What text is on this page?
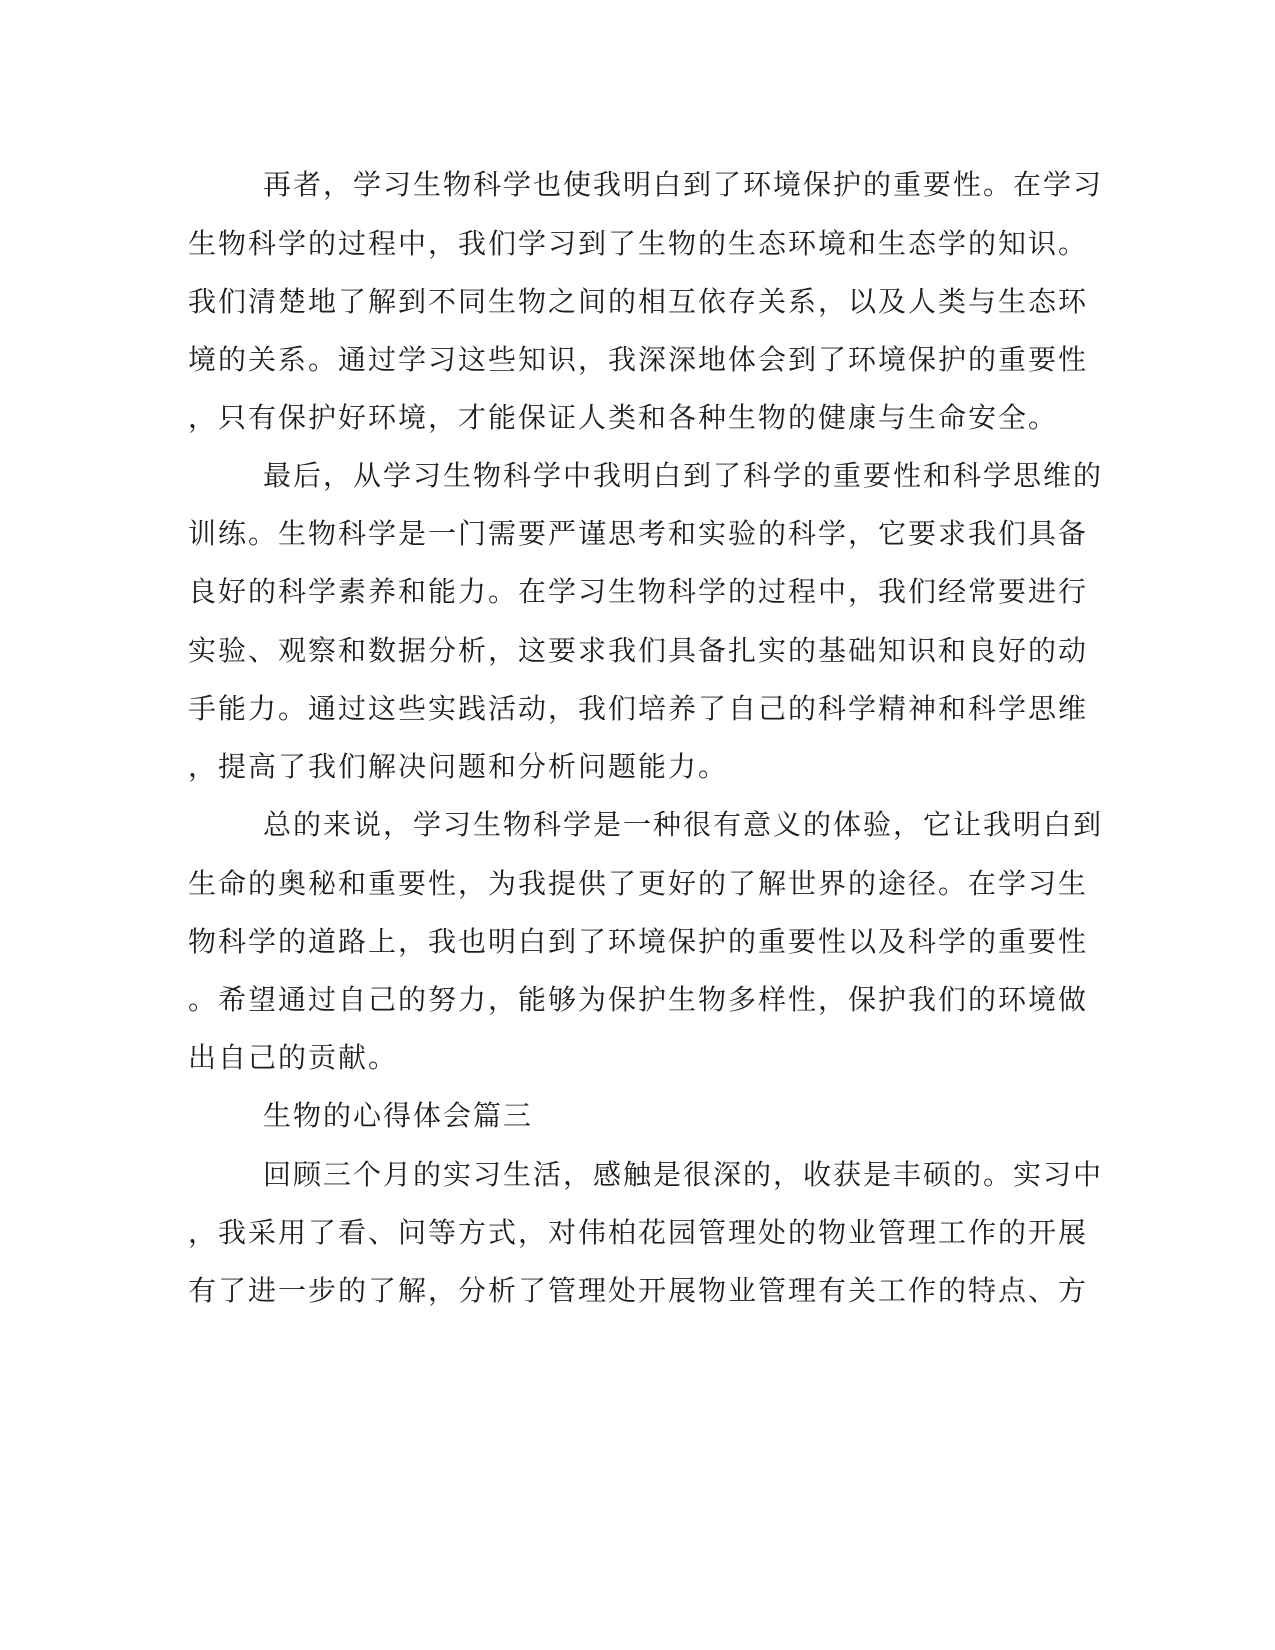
再者，学习生物科学也使我明白到了环境保护的重要性。在学习

生物科学的过程中，我们学习到了生物的生态环境和生态学的知识。

我们清楚地了解到不同生物之间的相互依存关系，以及人类与生态环

境的关系。通过学习这些知识，我深深地体会到了环境保护的重要性

，只有保护好环境，才能保证人类和各种生物的健康与生命安全。

最后，从学习生物科学中我明白到了科学的重要性和科学思维的

训练。生物科学是一门需要严谨思考和实验的科学，它要求我们具备

良好的科学素养和能力。在学习生物科学的过程中，我们经常要进行

实验、观察和数据分析，这要求我们具备扎实的基础知识和良好的动

手能力。通过这些实践活动，我们培养了自己的科学精神和科学思维

，提高了我们解决问题和分析问题能力。

总的来说，学习生物科学是一种很有意义的体验，它让我明白到

生命的奥秘和重要性，为我提供了更好的了解世界的途径。在学习生

物科学的道路上，我也明白到了环境保护的重要性以及科学的重要性

。希望通过自己的努力，能够为保护生物多样性，保护我们的环境做

出自己的贡献。

生物的心得体会篇三

回顾三个月的实习生活，感触是很深的，收获是丰硕的。实习中

，我采用了看、问等方式，对伟柏花园管理处的物业管理工作的开展

有了进一步的了解，分析了管理处开展物业管理有关工作的特点、方
